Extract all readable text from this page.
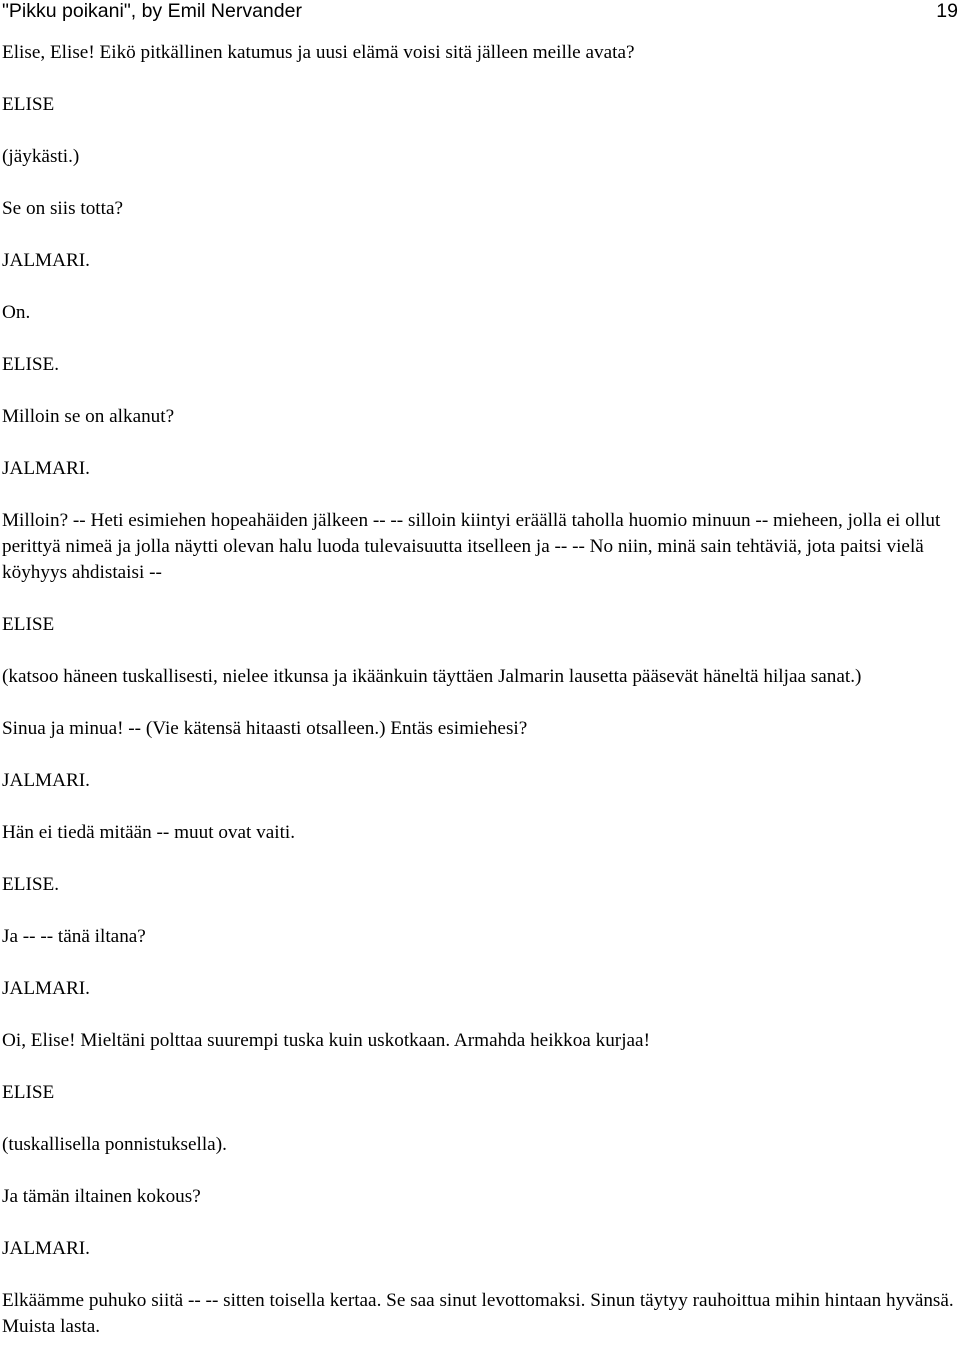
"Pikku poikani", by Emil Nervander	19

Elise, Elise! Eikö pitkällinen katumus ja uusi elämä voisi sitä jälleen meille avata?

ELISE

(jäykästi.)

Se on siis totta?

JALMARI.

On.

ELISE.

Milloin se on alkanut?

JALMARI.

Milloin? -- Heti esimiehen hopeahäiden jälkeen -- -- silloin kiintyi eräällä taholla huomio minuun -- mieheen, jolla ei ollut perittyä nimeä ja jolla näytti olevan halu luoda tulevaisuutta itselleen ja -- -- No niin, minä sain tehtäviä, jota paitsi vielä köyhyys ahdistaisi --

ELISE

(katsoo häneen tuskallisesti, nielee itkunsa ja ikäänkuin täyttäen Jalmarin lausetta pääsevät häneltä hiljaa sanat.)

Sinua ja minua! -- (Vie kätensä hitaasti otsalleen.) Entäs esimiehesi?

JALMARI.

Hän ei tiedä mitään -- muut ovat vaiti.

ELISE.

Ja -- -- tänä iltana?

JALMARI.

Oi, Elise! Mieltäni polttaa suurempi tuska kuin uskotkaan. Armahda heikkoa kurjaa!

ELISE

(tuskallisella ponnistuksella).

Ja tämän iltainen kokous?

JALMARI.

Elkäämme puhuko siitä -- -- sitten toisella kertaa. Se saa sinut levottomaksi. Sinun täytyy rauhoittua mihin hintaan hyvänsä. Muista lasta.
